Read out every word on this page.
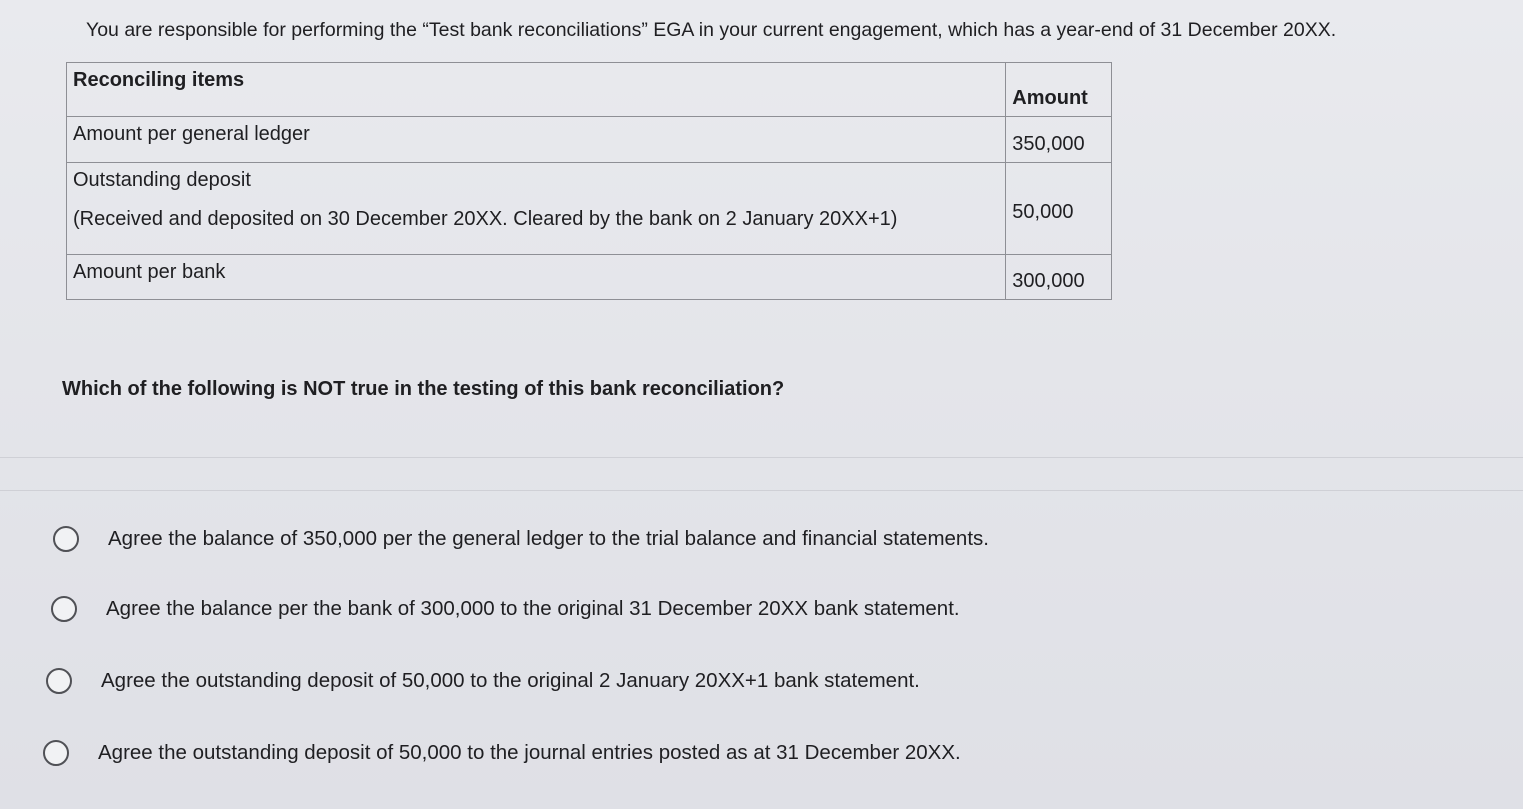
You are responsible for performing the “Test bank reconciliations” EGA in your current engagement, which has a year-end of 31 December 20XX.
Reconciling items	Amount

Amount per general ledger	350,000

Outstanding deposit
(Received and deposited on 30 December 20XX. Cleared by the bank on 2 January 20XX+1)	50,000

Amount per bank	300,000
Which of the following is NOT true in the testing of this bank reconciliation?
Agree the balance of 350,000 per the general ledger to the trial balance and financial statements.
Agree the balance per the bank of 300,000 to the original 31 December 20XX bank statement.
Agree the outstanding deposit of 50,000 to the original 2 January 20XX+1 bank statement.
Agree the outstanding deposit of 50,000 to the journal entries posted as at 31 December 20XX.
